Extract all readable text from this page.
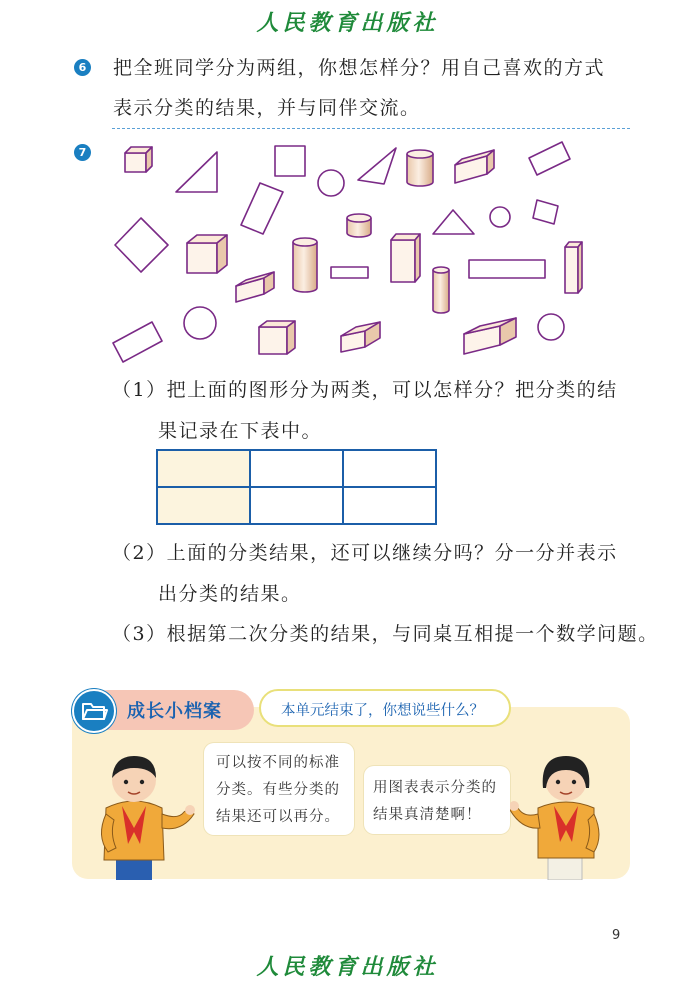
人民教育出版社
6 把全班同学分为两组，你想怎样分？用自己喜欢的方式
表示分类的结果，并与同伴交流。
7
（1）把上面的图形分为两类，可以怎样分？把分类的结
果记录在下表中。

（2）上面的分类结果，还可以继续分吗？分一分并表示
出分类的结果。
（3）根据第二次分类的结果，与同桌互相提一个数学问题。
成长小档案	本单元结束了，你想说些什么？
可以按不同的标准
分类。有些分类的
结果还可以再分。
用图表表示分类的
结果真清楚啊！
9
人民教育出版社
